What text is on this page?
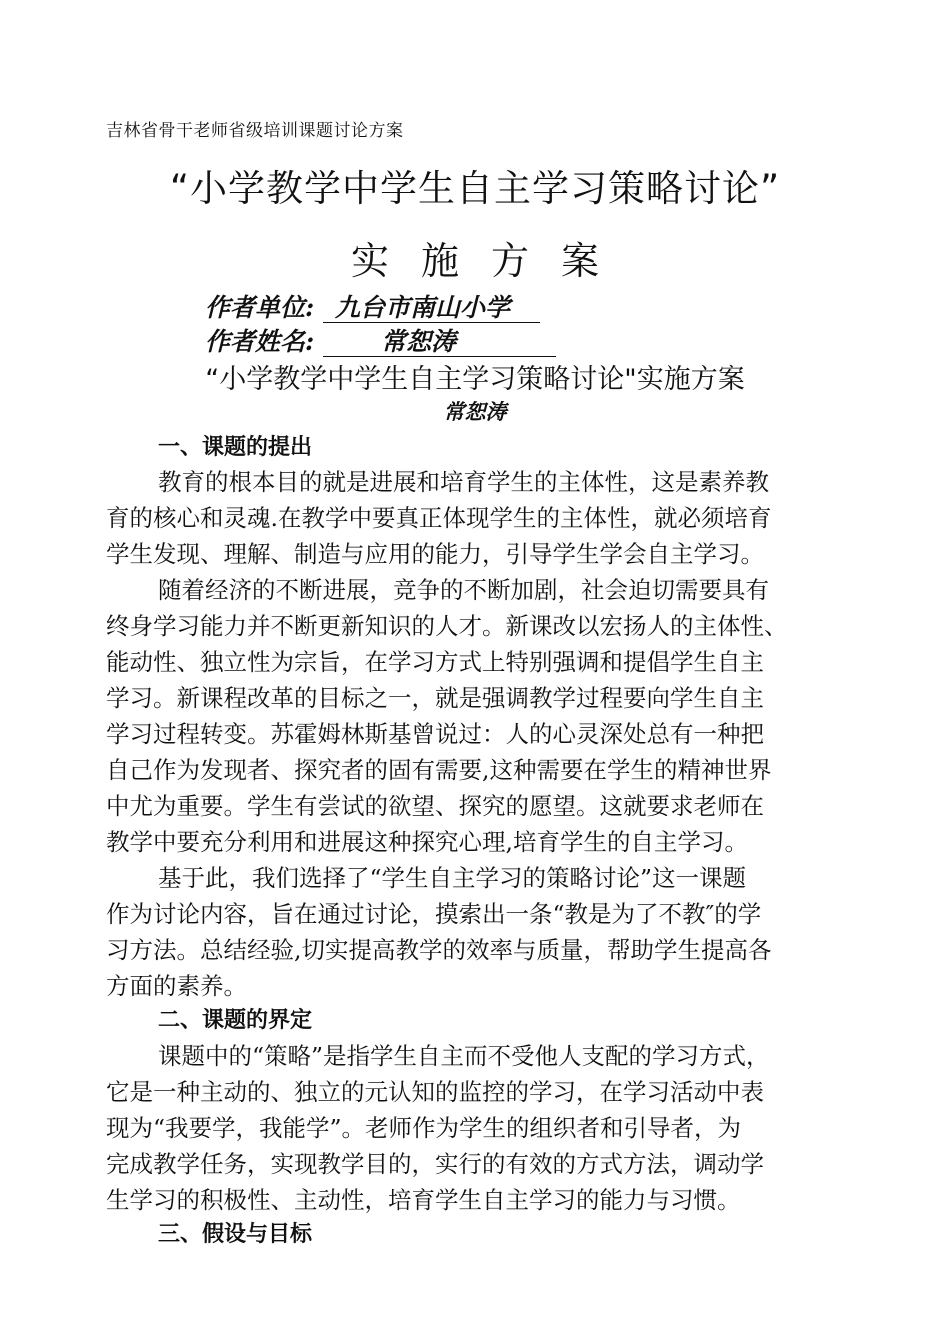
吉林省骨干老师省级培训课题讨论方案
“小学教学中学生自主学习策略讨论”
实施方案
作者单位: 九台市南山小学
作者姓名:	常恕涛
“小学教学中学生自主学习策略讨论"实施方案
常恕涛
一、课题的提出
教育的根本目的就是进展和培育学生的主体性，这是素养教
育的核心和灵魂.在教学中要真正体现学生的主体性，就必须培育
学生发现、理解、制造与应用的能力，引导学生学会自主学习。
随着经济的不断进展，竞争的不断加剧，社会迫切需要具有
终身学习能力并不断更新知识的人才。新课改以宏扬人的主体性、
能动性、独立性为宗旨，在学习方式上特别强调和提倡学生自主
学习。新课程改革的目标之一，就是强调教学过程要向学生自主
学习过程转变。苏霍姆林斯基曾说过：人的心灵深处总有一种把
自己作为发现者、探究者的固有需要,这种需要在学生的精神世界
中尤为重要。学生有尝试的欲望、探究的愿望。这就要求老师在
教学中要充分利用和进展这种探究心理,培育学生的自主学习。
基于此，我们选择了“学生自主学习的策略讨论”这一课题
作为讨论内容，旨在通过讨论，摸索出一条“教是为了不教″的学
习方法。总结经验,切实提高教学的效率与质量，帮助学生提高各
方面的素养。
二、课题的界定
课题中的“策略”是指学生自主而不受他人支配的学习方式，
它是一种主动的、独立的元认知的监控的学习，在学习活动中表
现为“我要学，我能学”。老师作为学生的组织者和引导者，为
完成教学任务，实现教学目的，实行的有效的方式方法，调动学
生学习的积极性、主动性，培育学生自主学习的能力与习惯。
三、假设与目标
